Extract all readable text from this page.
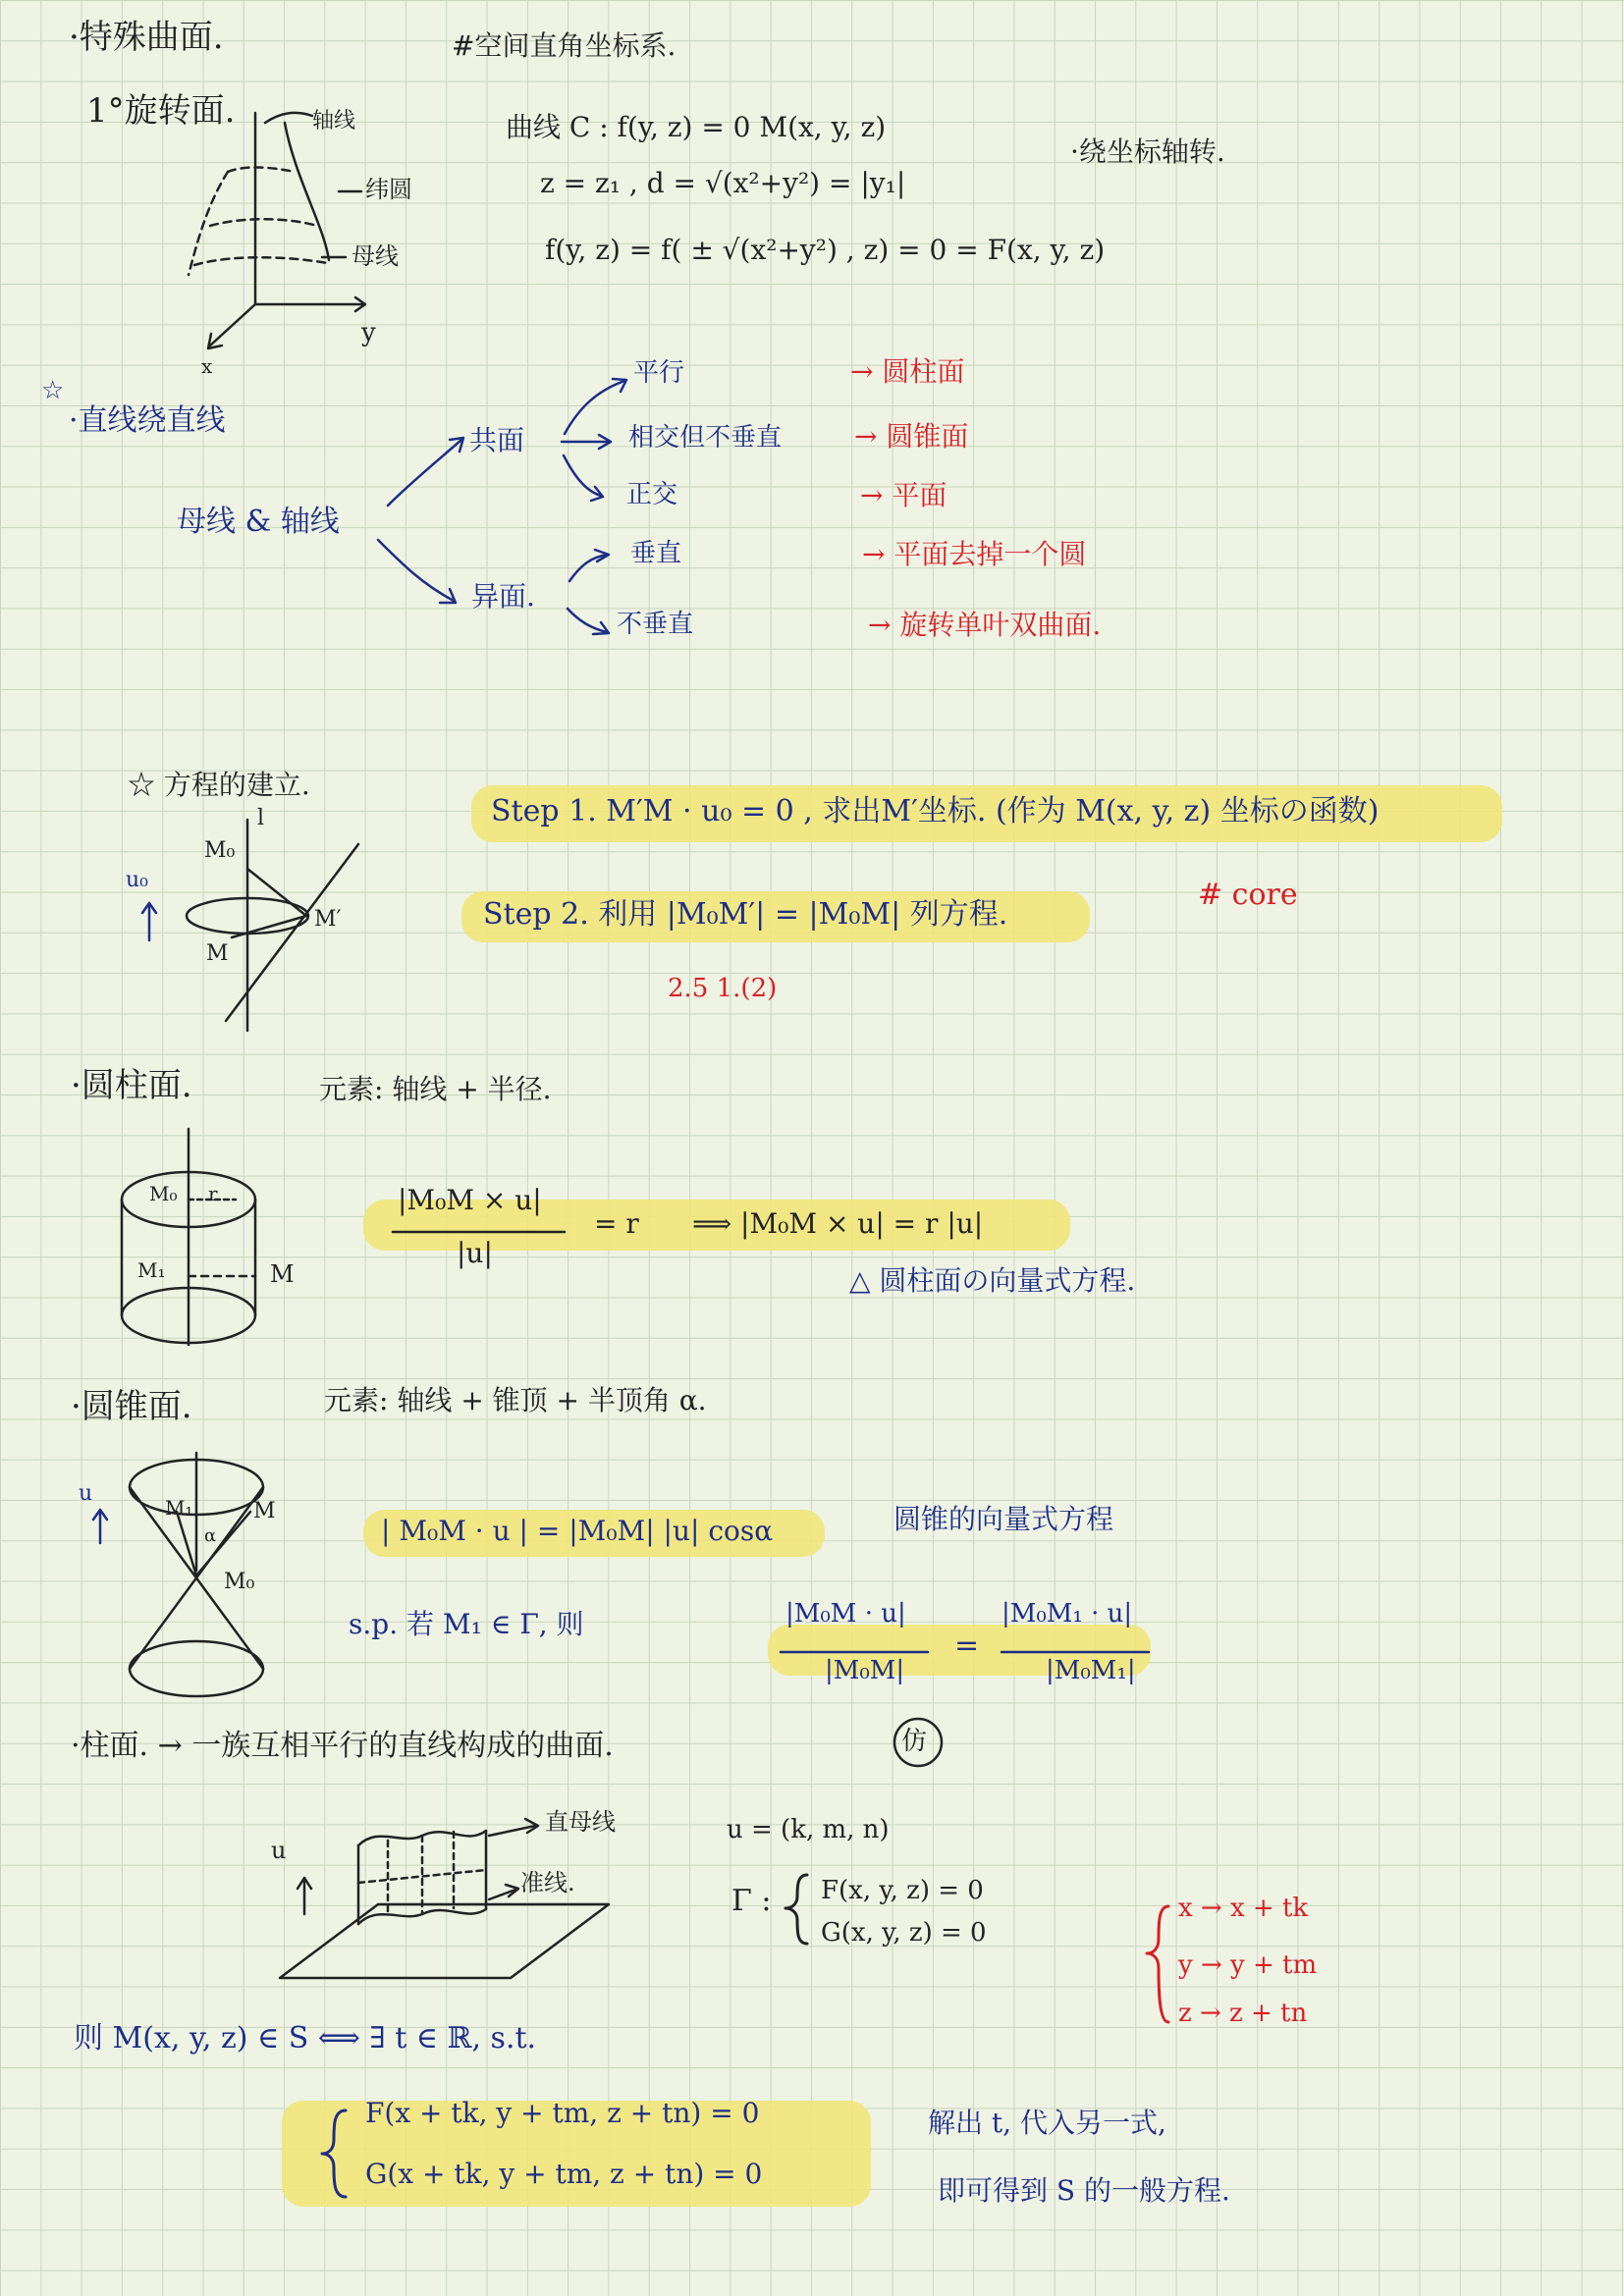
·特殊曲面.	#空间直角坐标系.
1°旋转面.	轴线
纬圆
母线
y
x
曲线 C : f(y, z) = 0 M(x, y, z)
z = z₁ , d = √(x²+y²) = |y₁|
f(y, z) = f( ± √(x²+y²) , z) = 0 = F(x, y, z)
·绕坐标轴转.
☆
·直线绕直线
母线 & 轴线
共面
异面.
平行
相交但不垂直
正交
垂直
不垂直
→ 圆柱面
→ 圆锥面
→ 平面
→ 平面去掉一个圆
→ 旋转单叶双曲面.
☆ 方程的建立.
l
M₀
u₀
M
M′
Step 1. M′M · u₀ = 0 , 求出M′坐标. (作为 M(x, y, z) 坐标の函数)
Step 2. 利用 |M₀M′| = |M₀M| 列方程.
# core
2.5 1.(2)
·圆柱面.	元素: 轴线 + 半径.
M₀ r
M₁	M
|M₀M × u|
|u|
= r ⟹ |M₀M × u| = r |u|
△ 圆柱面の向量式方程.
·圆锥面.	元素: 轴线 + 锥顶 + 半顶角 α.
u
M₁	M
α
M₀
| M₀M · u | = |M₀M| |u| cosα	圆锥的向量式方程
s.p. 若 M₁ ∈ Γ, 则	|M₀M · u|
|M₀M|
=
|M₀M₁ · u|
|M₀M₁|
·柱面. → 一族互相平行的直线构成的曲面.	仿
u
直母线
准线.
u = (k, m, n)
Γ : F(x, y, z) = 0
G(x, y, z) = 0
x → x + tk
y → y + tm
z → z + tn
则 M(x, y, z) ∈ S ⟺ ∃ t ∈ ℝ, s.t.
F(x + tk, y + tm, z + tn) = 0
G(x + tk, y + tm, z + tn) = 0
解出 t, 代入另一式,
即可得到 S 的一般方程.
